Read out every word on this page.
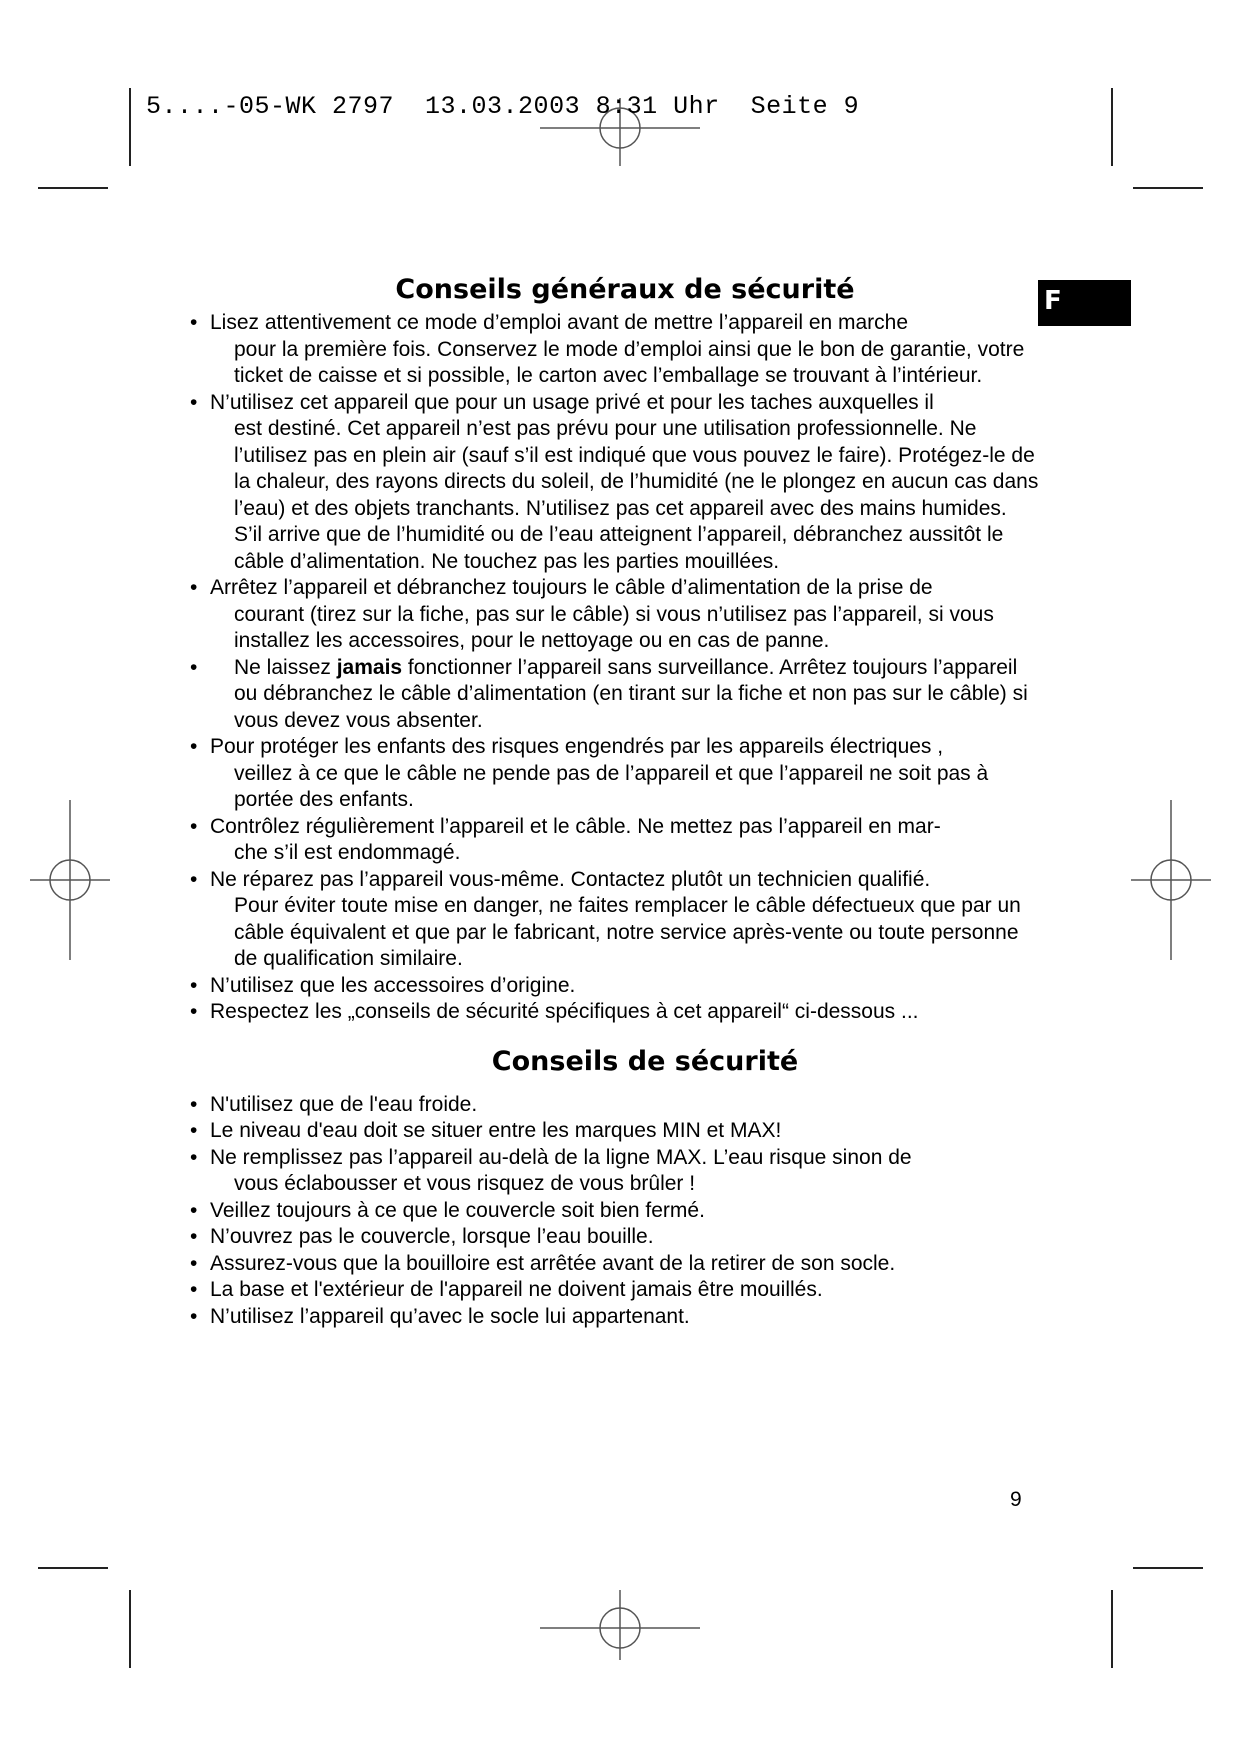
5....-05-WK 2797  13.03.2003 8:31 Uhr  Seite 9
F
Conseils généraux de sécurité
• Lisez attentivement ce mode d’emploi avant de mettre l’appareil en marche
pour la première fois. Conservez le mode d’emploi ainsi que le bon de garantie, votre ticket de caisse et si possible, le carton avec l’emballage se trouvant à l’intérieur.
• N’utilisez cet appareil que pour un usage privé et pour les taches auxquelles il
est destiné. Cet appareil n’est pas prévu pour une utilisation professionnelle. Ne l’utilisez pas en plein air (sauf s’il est indiqué que vous pouvez le faire). Protégez-le de la chaleur, des rayons directs du soleil, de l’humidité (ne le plongez en aucun cas dans l’eau) et des objets tranchants. N’utilisez pas cet appareil avec des mains humides. S’il arrive que de l’humidité ou de l’eau atteignent l’appareil, débranchez aussitôt le câble d’alimentation. Ne touchez pas les parties mouillées.
• Arrêtez l’appareil et débranchez toujours le câble d’alimentation de la prise de
courant (tirez sur la fiche, pas sur le câble) si vous n’utilisez pas l’appareil, si vous installez les accessoires, pour le nettoyage ou en cas de panne.
• Ne laissez jamais fonctionner l’appareil sans surveillance. Arrêtez toujours l’appareil ou débranchez le câble d’alimentation (en tirant sur la fiche et non pas sur le câble) si vous devez vous absenter.
• Pour protéger les enfants des risques engendrés par les appareils électriques ,
veillez à ce que le câble ne pende pas de l’appareil et que l’appareil ne soit pas à portée des enfants.
• Contrôlez régulièrement l’appareil et le câble. Ne mettez pas l’appareil en mar-
che s’il est endommagé.
• Ne réparez pas l’appareil vous-même. Contactez plutôt un technicien qualifié.
Pour éviter toute mise en danger, ne faites remplacer le câble défectueux que par un câble équivalent et que par le fabricant, notre service après-vente ou toute personne de qualification similaire.
• N’utilisez que les accessoires d’origine.
• Respectez les „conseils de sécurité spécifiques à cet appareil“ ci-dessous ...
Conseils de sécurité
• N'utilisez que de l'eau froide.
• Le niveau d'eau doit se situer entre les marques MIN et MAX!
• Ne remplissez pas l’appareil au-delà de la ligne MAX. L’eau risque sinon de
vous éclabousser et vous risquez de vous brûler !
• Veillez toujours à ce que le couvercle soit bien fermé.
• N’ouvrez pas le couvercle, lorsque l’eau bouille.
• Assurez-vous que la bouilloire est arrêtée avant de la retirer de son socle.
• La base et l'extérieur de l'appareil ne doivent jamais être mouillés.
• N’utilisez l’appareil qu’avec le socle lui appartenant.
9
